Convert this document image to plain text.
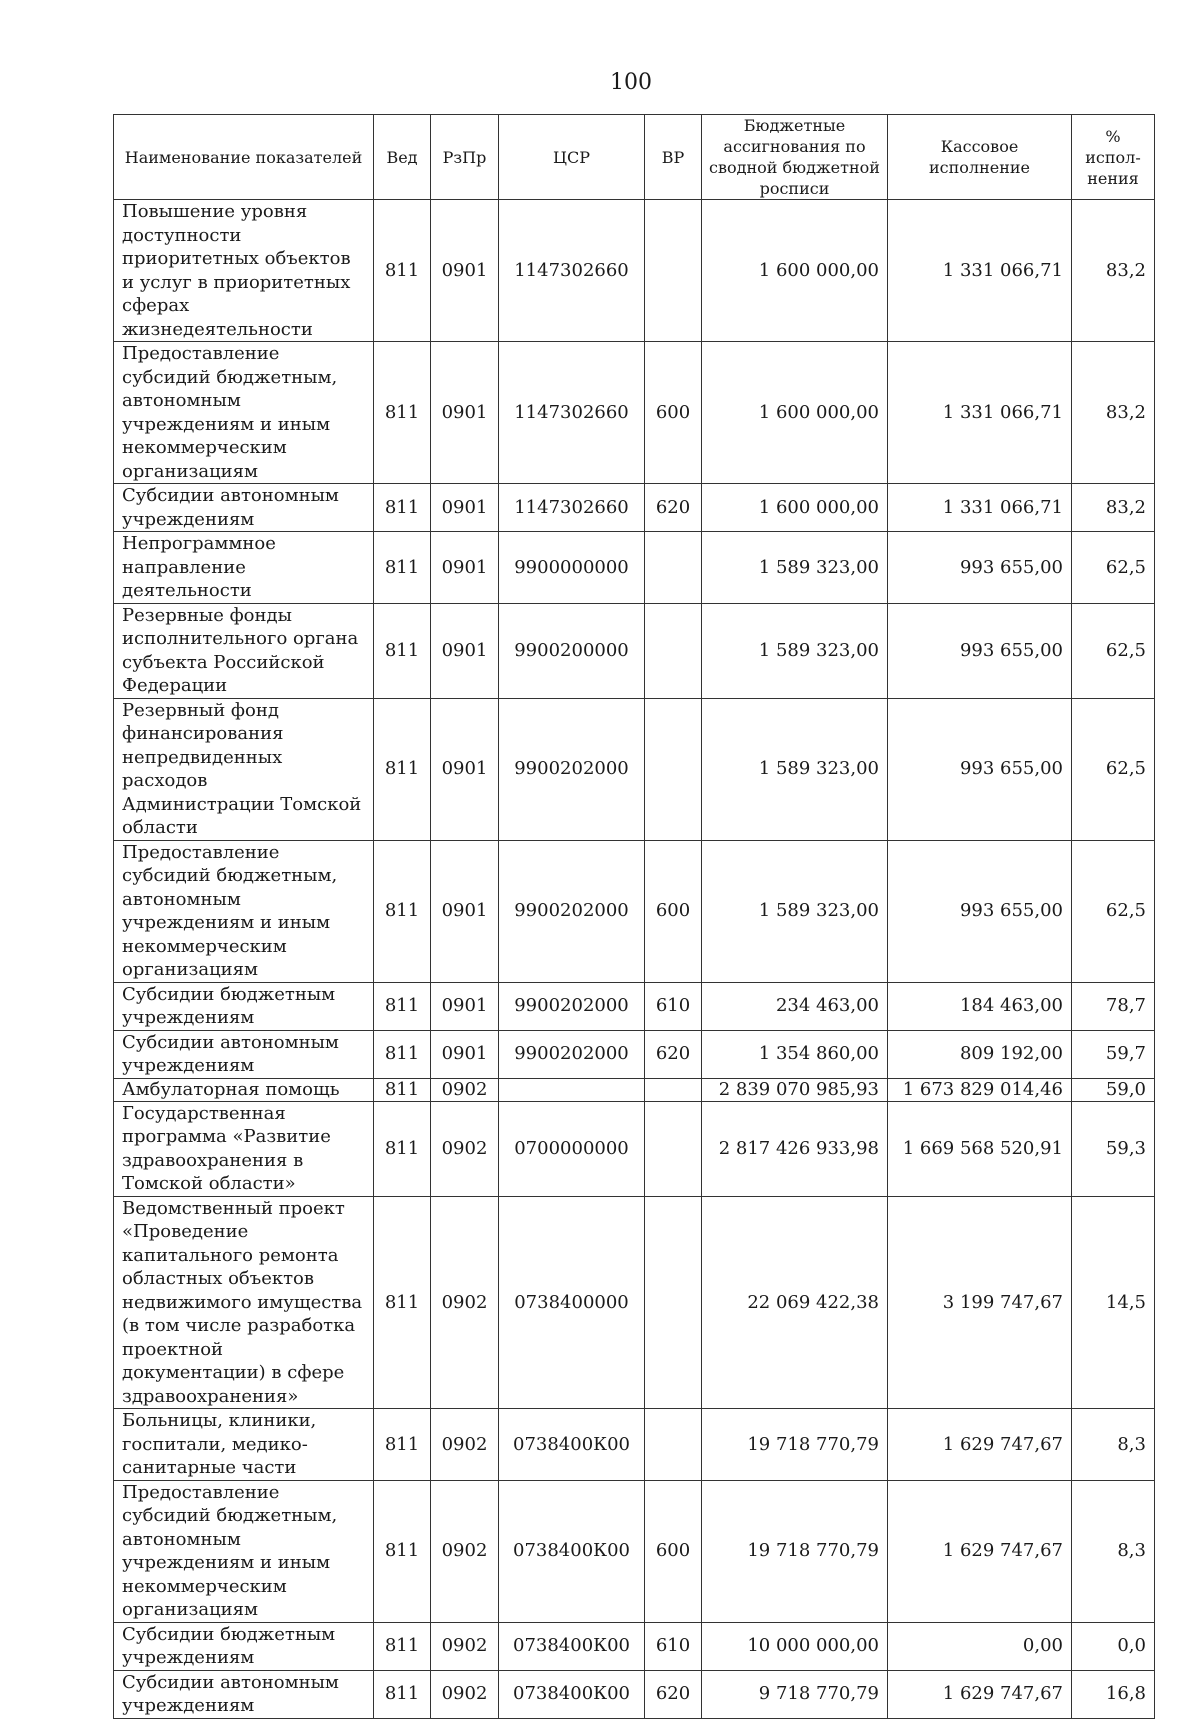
100
Наименование показателей	Вед	РзПр	ЦСР	ВР	Бюджетные ассигнования по сводной бюджетной росписи	Кассовое исполнение	% испол-нения
Повышение уровня доступности приоритетных объектов и услуг в приоритетных сферах жизнедеятельности	811	0901	1147302660		1 600 000,00	1 331 066,71	83,2
Предоставление субсидий бюджетным, автономным учреждениям и иным некоммерческим организациям	811	0901	1147302660	600	1 600 000,00	1 331 066,71	83,2
Субсидии автономным учреждениям	811	0901	1147302660	620	1 600 000,00	1 331 066,71	83,2
Непрограммное направление деятельности	811	0901	9900000000		1 589 323,00	993 655,00	62,5
Резервные фонды исполнительного органа субъекта Российской Федерации	811	0901	9900200000		1 589 323,00	993 655,00	62,5
Резервный фонд финансирования непредвиденных расходов Администрации Томской области	811	0901	9900202000		1 589 323,00	993 655,00	62,5
Предоставление субсидий бюджетным, автономным учреждениям и иным некоммерческим организациям	811	0901	9900202000	600	1 589 323,00	993 655,00	62,5
Субсидии бюджетным учреждениям	811	0901	9900202000	610	234 463,00	184 463,00	78,7
Субсидии автономным учреждениям	811	0901	9900202000	620	1 354 860,00	809 192,00	59,7
Амбулаторная помощь	811	0902			2 839 070 985,93	1 673 829 014,46	59,0
Государственная программа «Развитие здравоохранения в Томской области»	811	0902	0700000000		2 817 426 933,98	1 669 568 520,91	59,3
Ведомственный проект «Проведение капитального ремонта областных объектов недвижимого имущества (в том числе разработка проектной документации) в сфере здравоохранения»	811	0902	0738400000		22 069 422,38	3 199 747,67	14,5
Больницы, клиники, госпитали, медико-санитарные части	811	0902	0738400К00		19 718 770,79	1 629 747,67	8,3
Предоставление субсидий бюджетным, автономным учреждениям и иным некоммерческим организациям	811	0902	0738400К00	600	19 718 770,79	1 629 747,67	8,3
Субсидии бюджетным учреждениям	811	0902	0738400К00	610	10 000 000,00	0,00	0,0
Субсидии автономным учреждениям	811	0902	0738400К00	620	9 718 770,79	1 629 747,67	16,8
